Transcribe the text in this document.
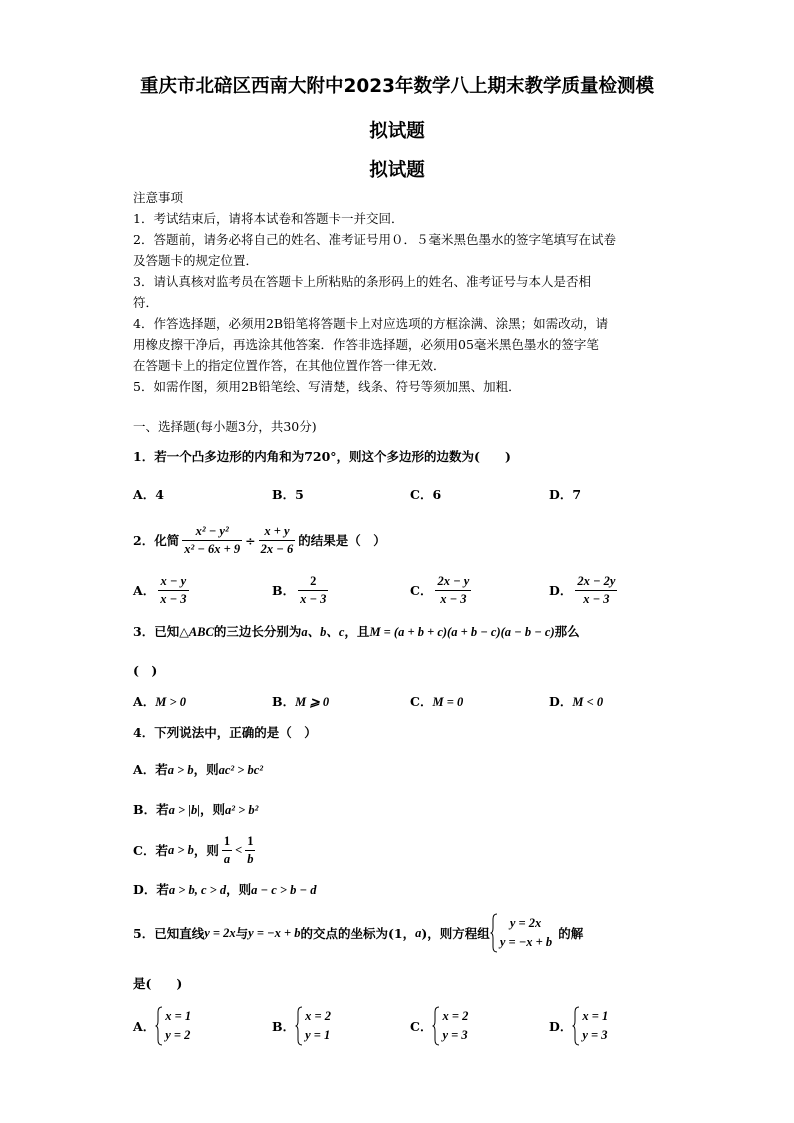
重庆市北碚区西南大附中2023年数学八上期末教学质量检测模
拟试题
拟试题
注意事项
1．考试结束后，请将本试卷和答题卡一并交回．
2．答题前，请务必将自己的姓名、准考证号用０．５毫米黑色墨水的签字笔填写在试卷
及答题卡的规定位置．
3．请认真核对监考员在答题卡上所粘贴的条形码上的姓名、准考证号与本人是否相
符．
4．作答选择题，必须用2B铅笔将答题卡上对应选项的方框涂满、涂黑；如需改动，请
用橡皮擦干净后，再选涂其他答案．作答非选择题，必须用05毫米黑色墨水的签字笔
在答题卡上的指定位置作答，在其他位置作答一律无效．
5．如需作图，须用2B铅笔绘、写清楚，线条、符号等须加黑、加粗．
一、选择题(每小题3分，共30分)
1．若一个凸多边形的内角和为720°，则这个多边形的边数为(　　)
A．4	B．5	C．6	D．7
2．化简 $\frac{\text{x² − y²}}{\text{x² − 6x + 9}} \div \frac{x + y}{2x - 6}$ 的结果是（　）
A． $\frac{x - y}{x - 3}$	B． $\frac{2}{x - 3}$	C． $\frac{2x - y}{x - 3}$	D． $\frac{2x - 2y}{x - 3}$
3．已知△ABC的三边长分别为a、b、c，且M = (a + b + c)(a + b − c)(a − b − c)那么
(　)
A．M > 0	B．M ⩾ 0	C．M = 0	D．M < 0
4．下列说法中，正确的是（　）
A．若a > b，则ac² > bc²
B．若a > |b|，则a² > b²
C．若 a > b ，则 $\frac{1}{a} < \frac{1}{b}$
D．若a > b, c > d，则a − c > b − d
5．已知直线 y = 2x 与 y = −x + b 的交点的坐标为(1， a )，则方程组
y = 2x
y = −x + b
的解
是(　　)
A．
x = 1
y = 2
B．
x = 2
y = 1
C．
x = 2
y = 3
D．
x = 1
y = 3
